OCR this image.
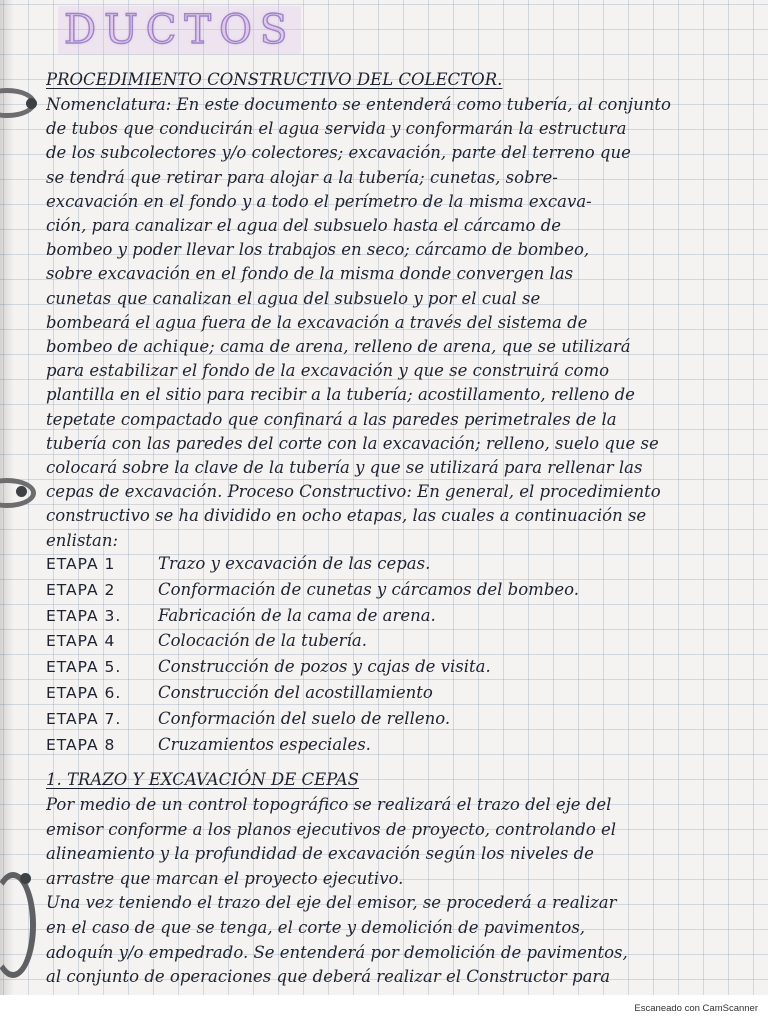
DUCTOS
PROCEDIMIENTO CONSTRUCTIVO DEL COLECTOR.
Nomenclatura: En este documento se entenderá como tubería, al conjunto
de tubos que conducirán el agua servida y conformarán la estructura
de los subcolectores y/o colectores; excavación, parte del terreno que
se tendrá que retirar para alojar a la tubería; cunetas, sobre-
excavación en el fondo y a todo el perímetro de la misma excava-
ción, para canalizar el agua del subsuelo hasta el cárcamo de
bombeo y poder llevar los trabajos en seco; cárcamo de bombeo,
sobre excavación en el fondo de la misma donde convergen las
cunetas que canalizan el agua del subsuelo y por el cual se
bombeará el agua fuera de la excavación a través del sistema de
bombeo de achique; cama de arena, relleno de arena, que se utilizará
para estabilizar el fondo de la excavación y que se construirá como
plantilla en el sitio para recibir a la tubería; acostillamento, relleno de
tepetate compactado que confinará a las paredes perimetrales de la
tubería con las paredes del corte con la excavación; relleno, suelo que se
colocará sobre la clave de la tubería y que se utilizará para rellenar las
cepas de excavación. Proceso Constructivo: En general, el procedimiento
constructivo se ha dividido en ocho etapas, las cuales a continuación se
enlistan:
ETAPA 1	Trazo y excavación de las cepas.
ETAPA 2	Conformación de cunetas y cárcamos del bombeo.
ETAPA 3. Fabricación de la cama de arena.
ETAPA 4	Colocación de la tubería.
ETAPA 5. Construcción de pozos y cajas de visita.
ETAPA 6. Construcción del acostillamiento
ETAPA 7. Conformación del suelo de relleno.
ETAPA 8	Cruzamientos especiales.
1. TRAZO Y EXCAVACIÓN DE CEPAS
Por medio de un control topográfico se realizará el trazo del eje del
emisor conforme a los planos ejecutivos de proyecto, controlando el
alineamiento y la profundidad de excavación según los niveles de
arrastre que marcan el proyecto ejecutivo.
Una vez teniendo el trazo del eje del emisor, se procederá a realizar
en el caso de que se tenga, el corte y demolición de pavimentos,
adoquín y/o empedrado. Se entenderá por demolición de pavimentos,
al conjunto de operaciones que deberá realizar el Constructor para
Escaneado con CamScanner
